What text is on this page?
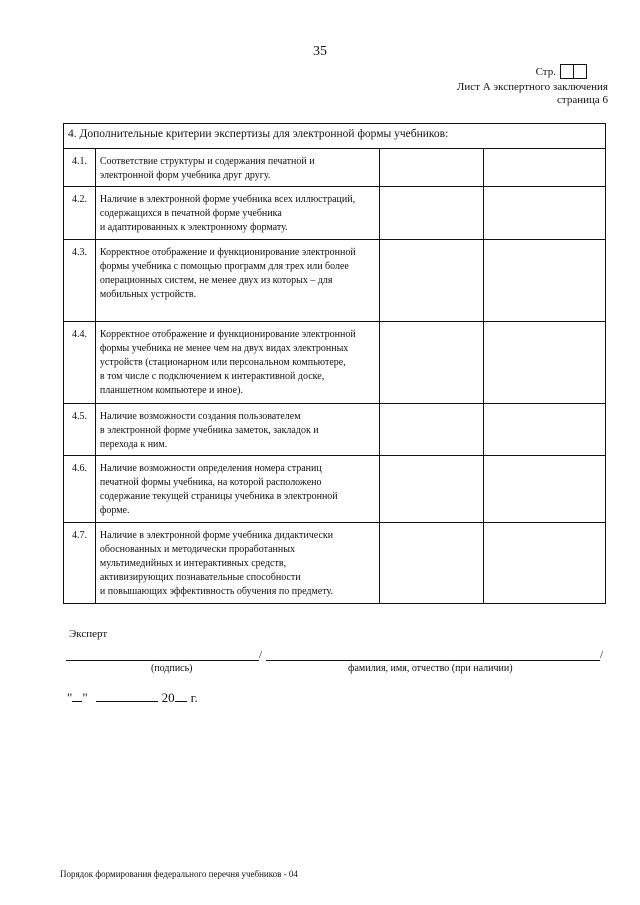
35
Стр.
Лист А экспертного заключения
страница 6
4. Дополнительные критерии экспертизы для электронной формы учебников:			
4.1.	Соответствие структуры и содержания печатной и
электронной форм учебника друг другу.		

4.2.	Наличие в электронной форме учебника всех иллюстраций,
содержащихся в печатной форме учебника
и адаптированных к электронному формату.		

4.3.	Корректное отображение и функционирование электронной
формы учебника с помощью программ для трех или более
операционных систем, не менее двух из которых – для
мобильных устройств.		

4.4.	Корректное отображение и функционирование электронной
формы учебника не менее чем на двух видах электронных
устройств (стационарном или персональном компьютере,
в том числе с подключением к интерактивной доске,
планшетном компьютере и иное).		

4.5.	Наличие возможности создания пользователем
в электронной форме учебника заметок, закладок и
перехода к ним.		

4.6.	Наличие возможности определения номера страниц
печатной формы учебника, на которой расположено
содержание текущей страницы учебника в электронной
форме.		

4.7.	Наличие в электронной форме учебника дидактически
обоснованных и методически проработанных
мультимедийных и интерактивных средств,
активизирующих познавательные способности
и повышающих эффективность обучения по предмету.		

Эксперт
/	/
(подпись)	фамилия, имя, отчество (при наличии)
" "	20 г.
Порядок формирования федерального перечня учебников - 04
